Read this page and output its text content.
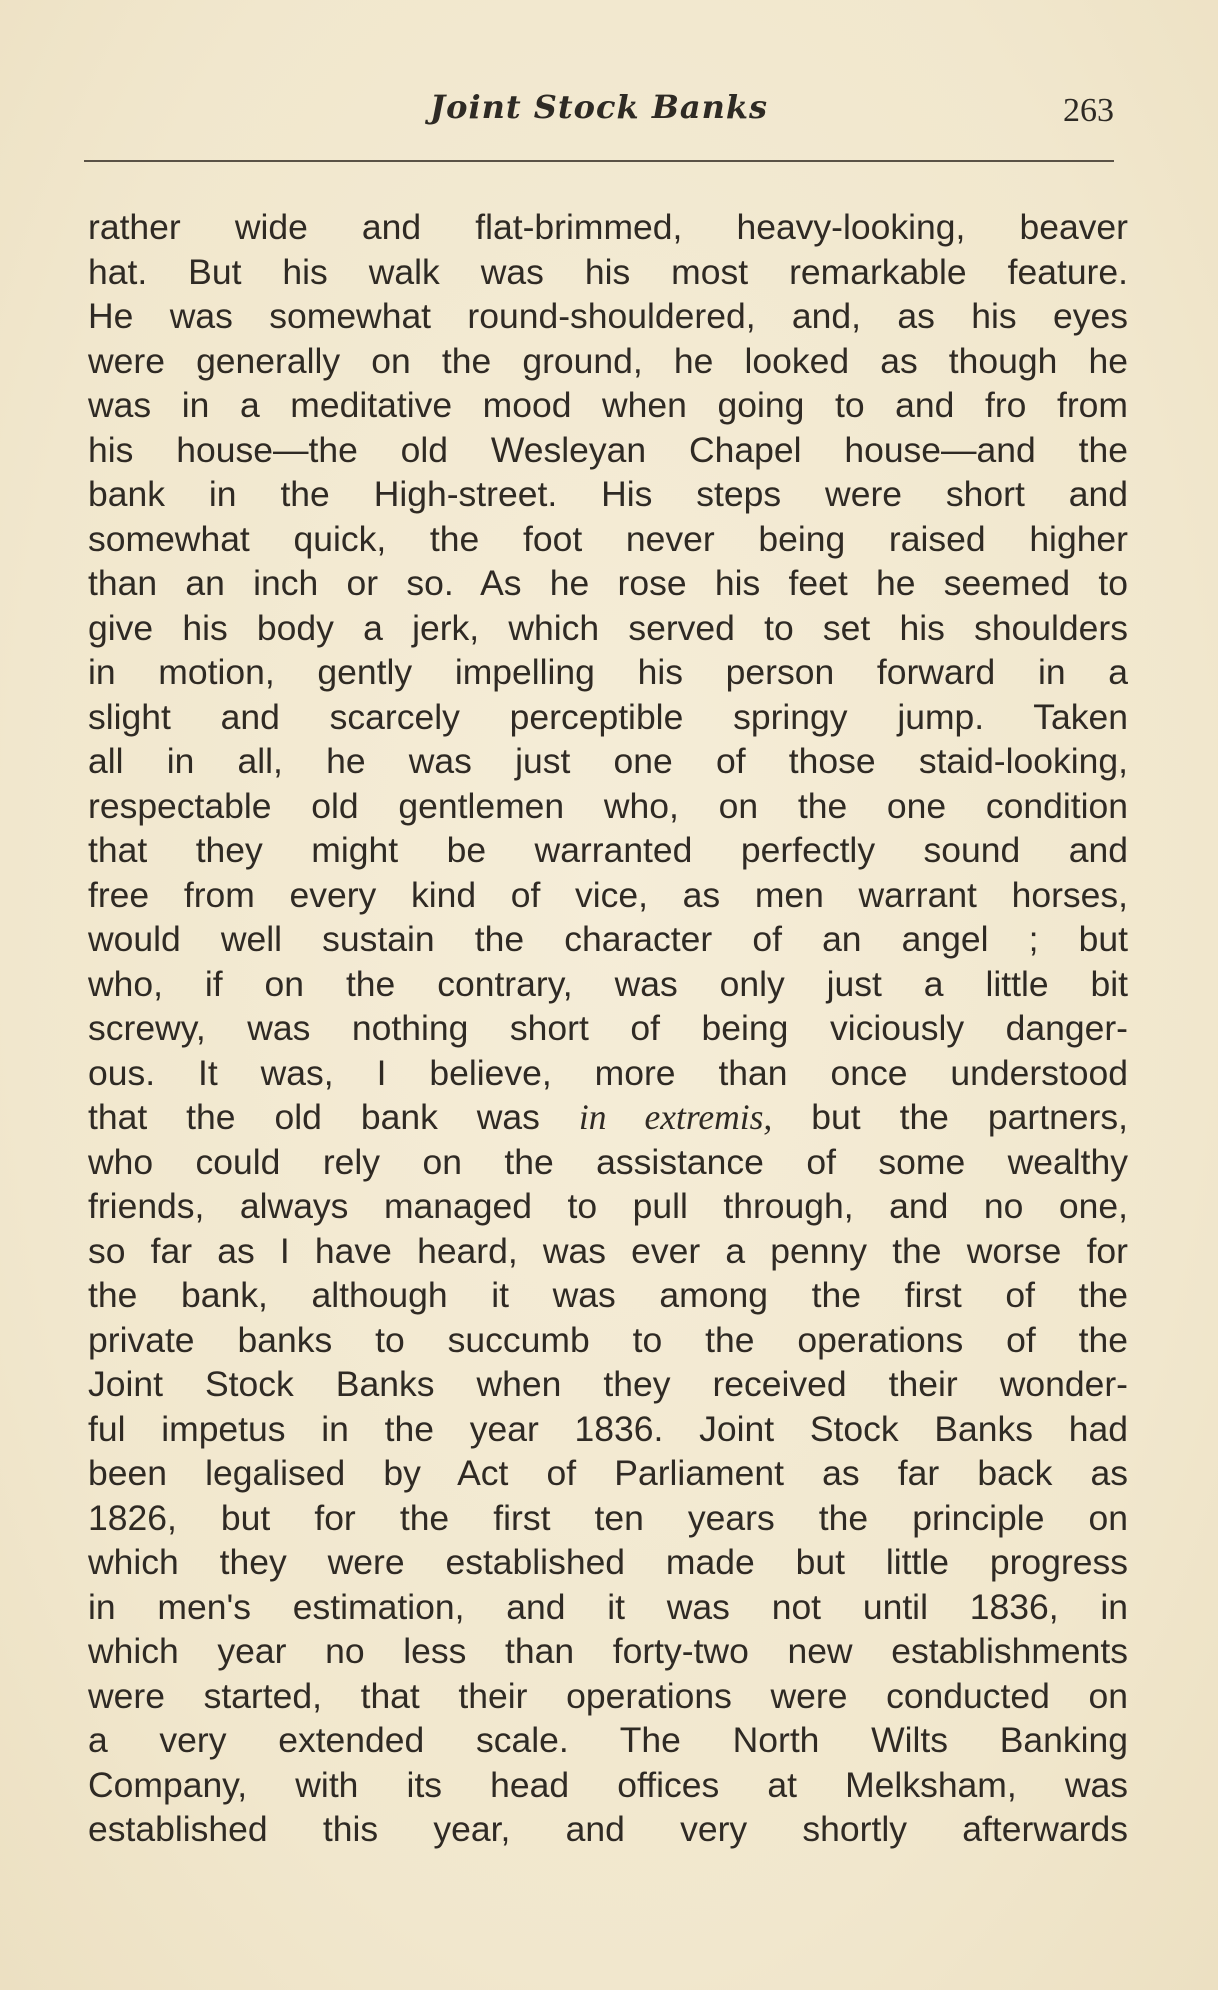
Joint Stock Banks	263
rather wide and flat-brimmed, heavy-looking, beaver
hat. But his walk was his most remarkable feature.
He was somewhat round-shouldered, and, as his eyes
were generally on the ground, he looked as though he
was in a meditative mood when going to and fro from
his house—the old Wesleyan Chapel house—and the
bank in the High-street. His steps were short and
somewhat quick, the foot never being raised higher
than an inch or so. As he rose his feet he seemed to
give his body a jerk, which served to set his shoulders
in motion, gently impelling his person forward in a
slight and scarcely perceptible springy jump. Taken
all in all, he was just one of those staid-looking,
respectable old gentlemen who, on the one condition
that they might be warranted perfectly sound and
free from every kind of vice, as men warrant horses,
would well sustain the character of an angel ; but
who, if on the contrary, was only just a little bit
screwy, was nothing short of being viciously danger-
ous. It was, I believe, more than once understood
that the old bank was in extremis, but the partners,
who could rely on the assistance of some wealthy
friends, always managed to pull through, and no one,
so far as I have heard, was ever a penny the worse for
the bank, although it was among the first of the
private banks to succumb to the operations of the
Joint Stock Banks when they received their wonder-
ful impetus in the year 1836. Joint Stock Banks had
been legalised by Act of Parliament as far back as
1826, but for the first ten years the principle on
which they were established made but little progress
in men's estimation, and it was not until 1836, in
which year no less than forty-two new establishments
were started, that their operations were conducted on
a very extended scale. The North Wilts Banking
Company, with its head offices at Melksham, was
established this year, and very shortly afterwards
